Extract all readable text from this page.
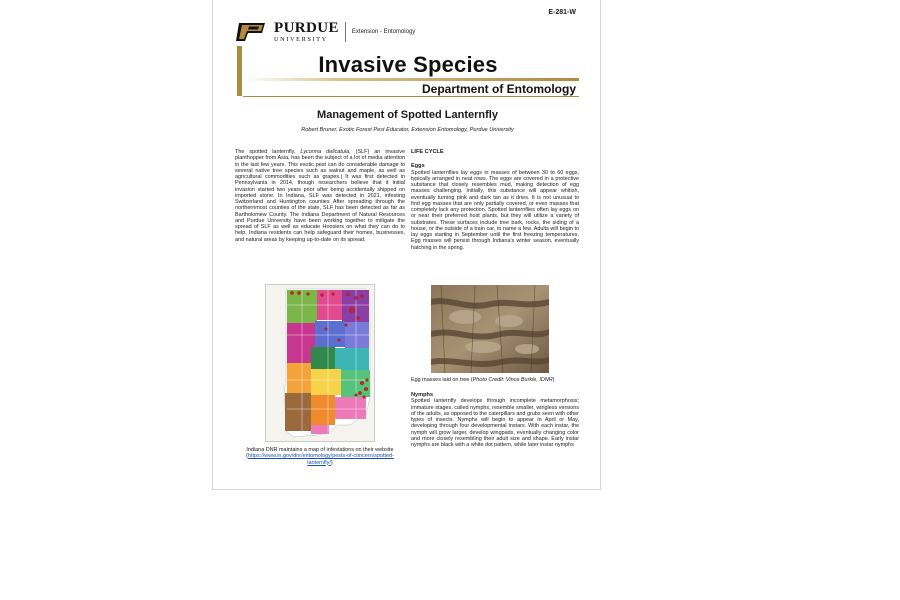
E-281-W
PURDUE
UNIVERSITY
Extension - Entomology
Invasive Species
Department of Entomology
Management of Spotted Lanternfly
Robert Bruner, Exotic Forest Pest Educator, Extension Entomology, Purdue University

The spotted lanternfly, Lycorma delicatula, (SLF) an invasive planthopper from Asia, has been the subject of a lot of media attention in the last few years. This exotic pest can do considerable damage to several native tree species such as walnut and maple, as well as agricultural commodities such as grapes.| It was first detected in Pennsylvania in 2014, though researchers believe that it initial invasion started two years prior after being accidentally shipped on imported stone. In Indiana, SLF was detected in 2021, infesting Switzerland and Huntington counties After spreading through the northernmost counties of the state, SLF has been detected as far as Bartholomew County. The Indiana Department of Natural Resources and Purdue University have been working together to mitigate the spread of SLF as well as educate Hoosiers on what they can do to help. Indiana residents can help safeguard their homes, businesses, and natural areas by keeping up-to-date on its spread.

Indiana DNR maintains a map of infestations on their website (https://www.in.gov/dnr/entomology/pests-of-concern/spotted-lanternfly/)
LIFE CYCLE
Eggs

Spotted lanternflies lay eggs in masses of between 30 to 60 eggs, typically arranged in neat rows. The eggs are covered in a protective substance that closely resembles mud, making detection of egg masses challenging. Initially, this substance will appear whitish, eventually turning pink and dark tan as it dries. It is not unusual to find egg masses that are only partially covered, or even masses that completely lack any protection. Spotted lanternflies often lay eggs on or near their preferred host plants, but they will utilize a variety of substrates. These surfaces include tree bark, rocks, the siding of a house, or the outside of a train car, to name a few. Adults will begin to lay eggs starting in September until the first freezing temperatures. Egg masses will persist through Indiana's winter season, eventually hatching in the spring.

Egg masses laid on tree (Photo Credit: Vince Burkle, IDNR)
Nymphs

Spotted lanternfly develops through incomplete metamorphosis; immature stages, called nymphs, resemble smaller, wingless versions of the adults, as opposed to the caterpillars and grubs seen with other types of insects. Nymphs will begin to appear in April or May, developing through four developmental instars. With each instar, the nymph will grow larger, develop wingpads, eventually changing color and more closely resembling their adult size and shape. Early instar nymphs are black with a white dot pattern, while later instar nymphs
